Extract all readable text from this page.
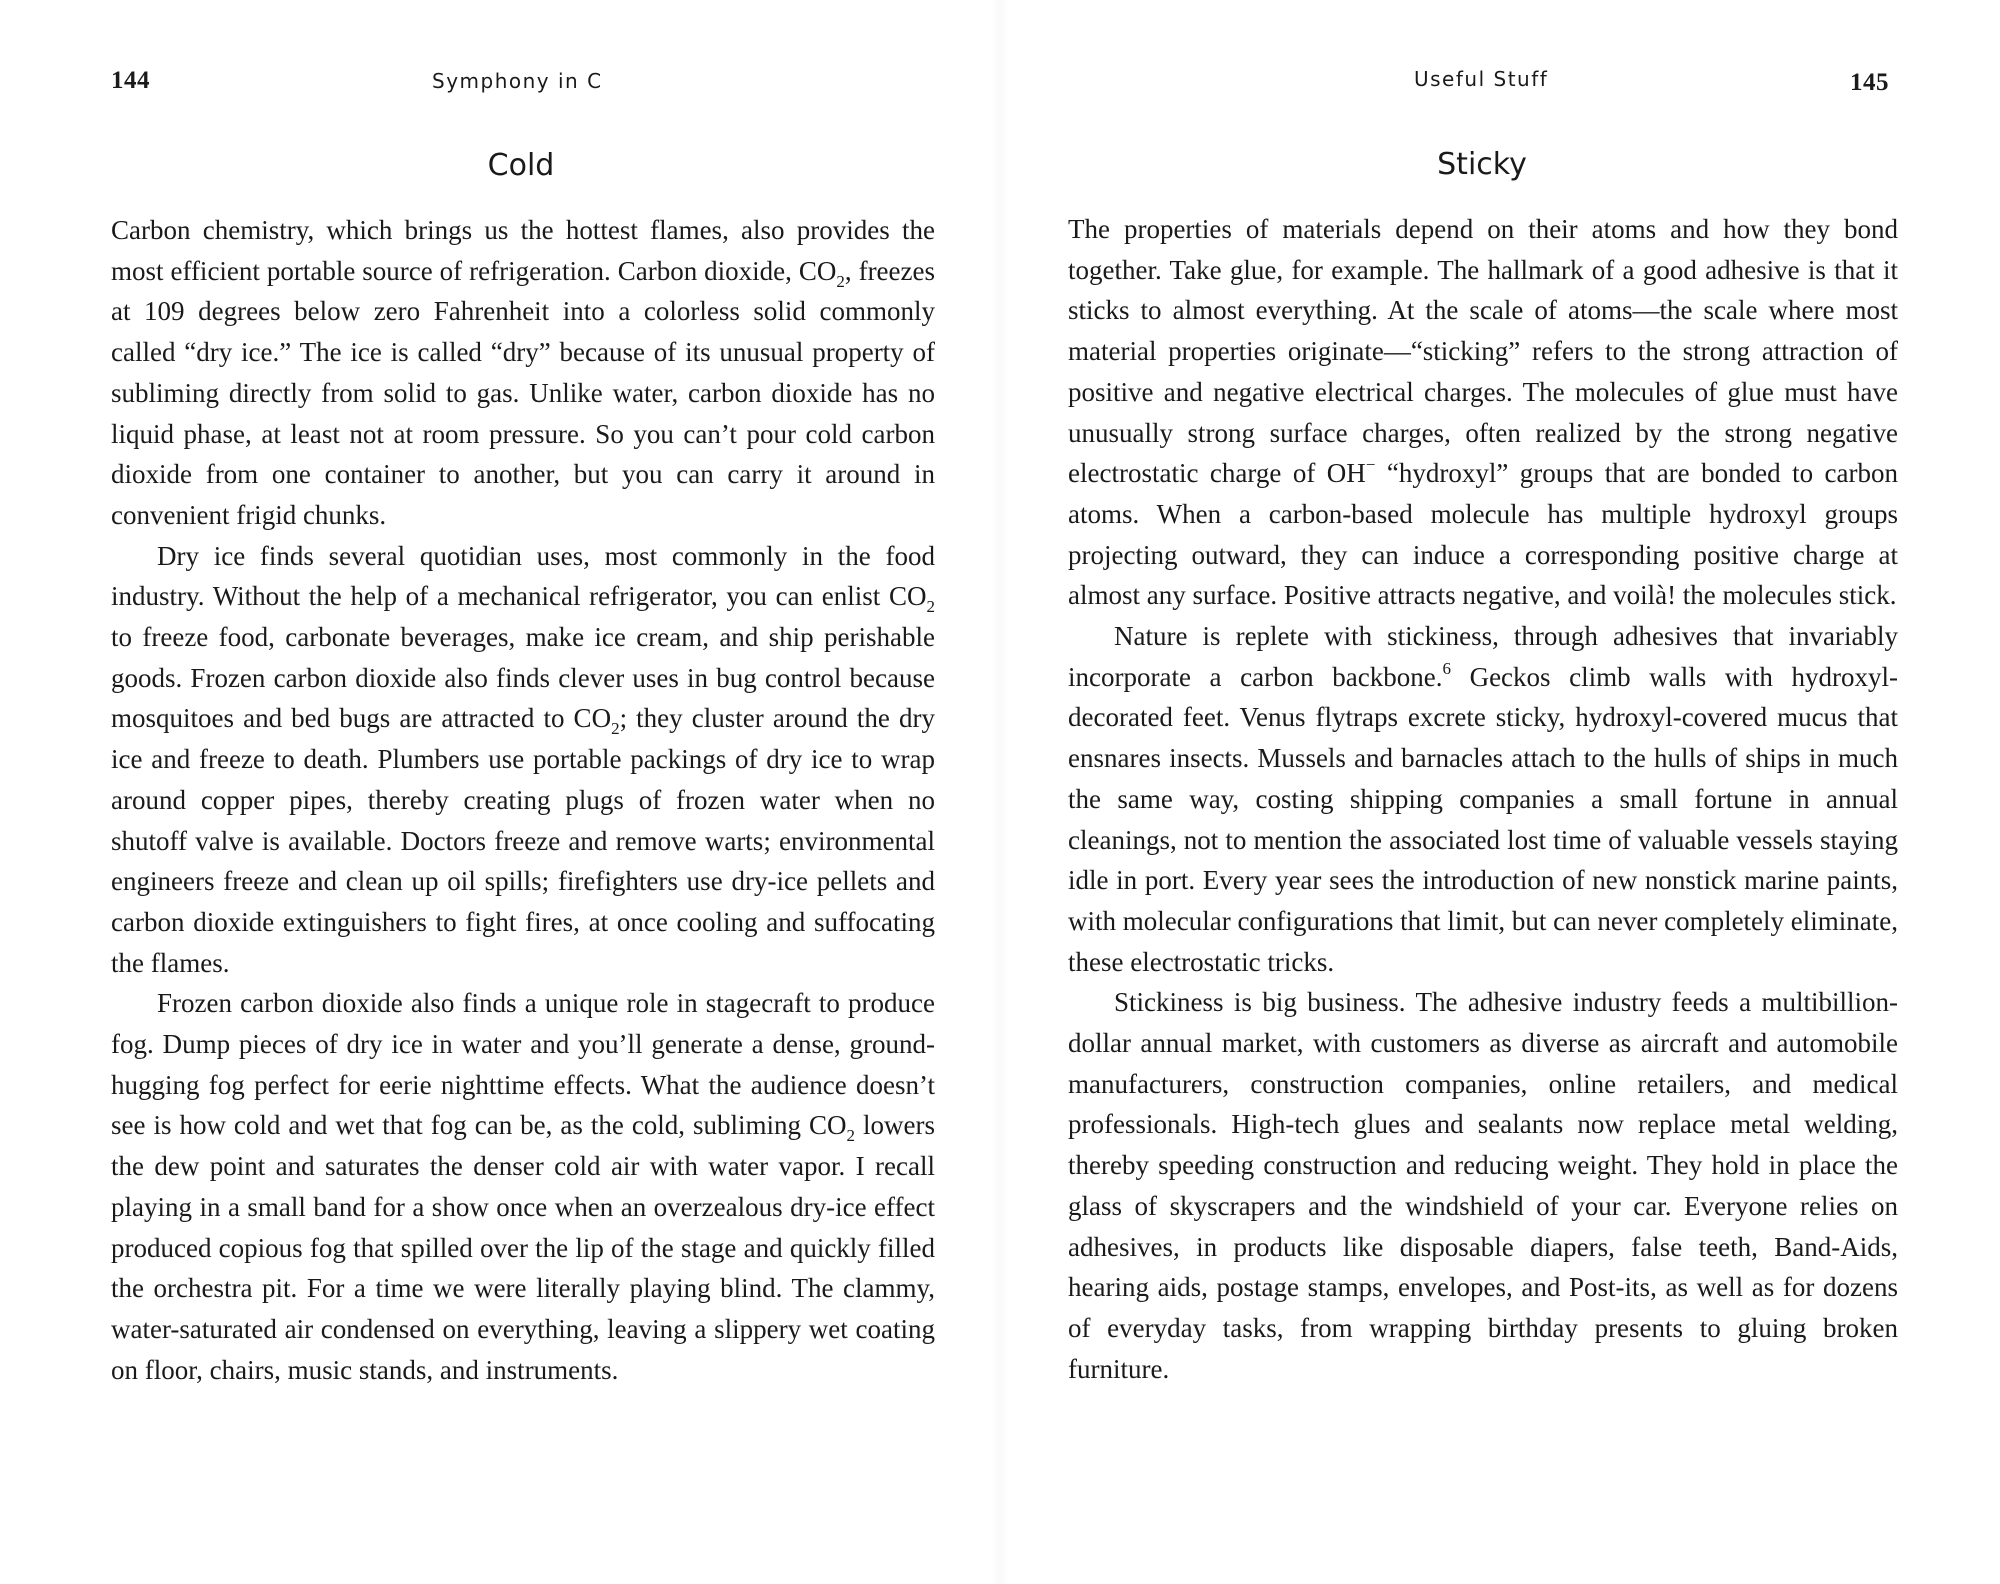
144	Symphony in C
Cold

Carbon chemistry, which brings us the hottest flames, also provides the most efficient portable source of refrigeration. Carbon dioxide, $CO_2$, freezes at 109 degrees below zero Fahrenheit into a colorless solid commonly called “dry ice.” The ice is called “dry” because of its unusual property of subliming directly from solid to gas. Unlike water, carbon dioxide has no liquid phase, at least not at room pressure. So you can’t pour cold carbon dioxide from one container to another, but you can carry it around in convenient frigid chunks.

Dry ice finds several quotidian uses, most commonly in the food industry. Without the help of a mechanical refrigerator, you can enlist $CO_2$ to freeze food, carbonate beverages, make ice cream, and ship perishable goods. Frozen carbon dioxide also finds clever uses in bug control because mosquitoes and bed bugs are attracted to $CO_2$; they cluster around the dry ice and freeze to death. Plumbers use portable packings of dry ice to wrap around copper pipes, thereby creating plugs of frozen water when no shutoff valve is available. Doctors freeze and remove warts; environmental engineers freeze and clean up oil spills; firefighters use dry-ice pellets and carbon dioxide extinguishers to fight fires, at once cooling and suffocating the flames.

Frozen carbon dioxide also finds a unique role in stagecraft to produce fog. Dump pieces of dry ice in water and you’ll generate a dense, ground-hugging fog perfect for eerie nighttime effects. What the audience doesn’t see is how cold and wet that fog can be, as the cold, subliming $CO_2$ lowers the dew point and saturates the denser cold air with water vapor. I recall playing in a small band for a show once when an overzealous dry-ice effect produced copious fog that spilled over the lip of the stage and quickly filled the orchestra pit. For a time we were literally playing blind. The clammy, water-saturated air condensed on everything, leaving a slippery wet coating on floor, chairs, music stands, and instruments.

Useful Stuff	145
Sticky

The properties of materials depend on their atoms and how they bond together. Take glue, for example. The hallmark of a good adhesive is that it sticks to almost everything. At the scale of atoms—the scale where most material properties originate—“sticking” refers to the strong attraction of positive and negative electrical charges. The molecules of glue must have unusually strong surface charges, often realized by the strong negative electrostatic charge of OH− “hydroxyl” groups that are bonded to carbon atoms. When a carbon-based molecule has multiple hydroxyl groups projecting outward, they can induce a corresponding positive charge at almost any surface. Positive attracts negative, and voilà! the molecules stick.

Nature is replete with stickiness, through adhesives that invariably incorporate a carbon backbone.$^6$ Geckos climb walls with hydroxyl-decorated feet. Venus flytraps excrete sticky, hydroxyl-covered mucus that ensnares insects. Mussels and barnacles attach to the hulls of ships in much the same way, costing shipping companies a small fortune in annual cleanings, not to mention the associated lost time of valuable vessels staying idle in port. Every year sees the introduction of new nonstick marine paints, with molecular configurations that limit, but can never completely eliminate, these electrostatic tricks.

Stickiness is big business. The adhesive industry feeds a multibillion-dollar annual market, with customers as diverse as aircraft and automobile manufacturers, construction companies, online retailers, and medical professionals. High-tech glues and sealants now replace metal welding, thereby speeding construction and reducing weight. They hold in place the glass of skyscrapers and the windshield of your car. Everyone relies on adhesives, in products like disposable diapers, false teeth, Band-Aids, hearing aids, postage stamps, envelopes, and Post-its, as well as for dozens of everyday tasks, from wrapping birthday presents to gluing broken furniture.
